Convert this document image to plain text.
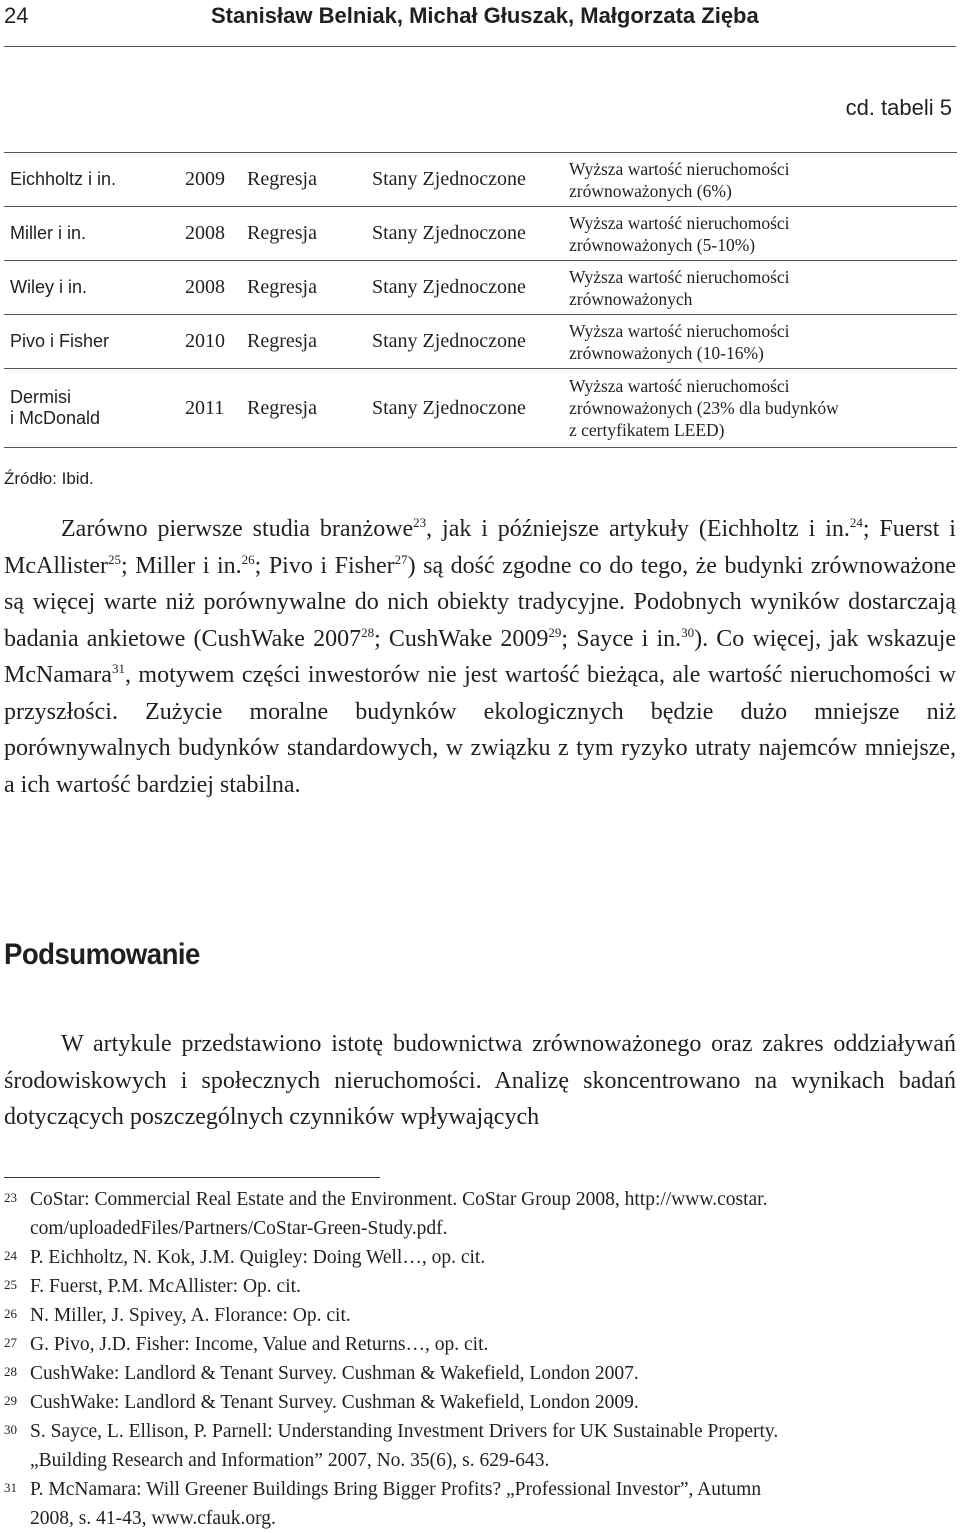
24	Stanisław Belniak, Michał Głuszak, Małgorzata Zięba
cd. tabeli 5
Eichholtz i in.	2009	Regresja	Stany Zjednoczone	Wyższa wartość nieruchomości
zrównoważonych (6%)
Miller i in.	2008	Regresja	Stany Zjednoczone	Wyższa wartość nieruchomości
zrównoważonych (5-10%)
Wiley i in.	2008	Regresja	Stany Zjednoczone	Wyższa wartość nieruchomości
zrównoważonych
Pivo i Fisher	2010	Regresja	Stany Zjednoczone	Wyższa wartość nieruchomości
zrównoważonych (10-16%)
Dermisi
i McDonald	2011	Regresja	Stany Zjednoczone	Wyższa wartość nieruchomości
zrównoważonych (23% dla budynków
z certyfikatem LEED)
Źródło: Ibid.

Zarówno pierwsze studia branżowe$^{23}$, jak i późniejsze artykuły (Eichholtz i in.$^{24}$; Fuerst i McAllister$^{25}$; Miller i in.$^{26}$; Pivo i Fisher$^{27}$) są dość zgodne co do tego, że budynki zrównoważone są więcej warte niż porównywalne do nich obiekty tradycyjne. Podobnych wyników dostarczają badania ankietowe (CushWake 2007$^{28}$; CushWake 2009$^{29}$; Sayce i in.$^{30}$). Co więcej, jak wskazuje McNamara$^{31}$, motywem części inwestorów nie jest wartość bieżąca, ale wartość nieruchomości w przyszłości. Zużycie moralne budynków ekologicznych będzie dużo mniejsze niż porównywalnych budynków standardowych, w związku z tym ryzyko utraty najemców mniejsze, a ich wartość bardziej stabilna.

Podsumowanie

W artykule przedstawiono istotę budownictwa zrównoważonego oraz zakres oddziaływań środowiskowych i społecznych nieruchomości. Analizę skoncentrowano na wynikach badań dotyczących poszczególnych czynników wpływających

23 CoStar: Commercial Real Estate and the Environment. CoStar Group 2008, http://www.costar.
com/uploadedFiles/Partners/CoStar-Green-Study.pdf.
24 P. Eichholtz, N. Kok, J.M. Quigley: Doing Well…, op. cit.
25 F. Fuerst, P.M. McAllister: Op. cit.
26 N. Miller, J. Spivey, A. Florance: Op. cit.
27 G. Pivo, J.D. Fisher: Income, Value and Returns…, op. cit.
28 CushWake: Landlord & Tenant Survey. Cushman & Wakefield, London 2007.
29 CushWake: Landlord & Tenant Survey. Cushman & Wakefield, London 2009.
30 S. Sayce, L. Ellison, P. Parnell: Understanding Investment Drivers for UK Sustainable Property.
„Building Research and Information” 2007, No. 35(6), s. 629-643.
31 P. McNamara: Will Greener Buildings Bring Bigger Profits? „Professional Investor”, Autumn
2008, s. 41-43, www.cfauk.org.
